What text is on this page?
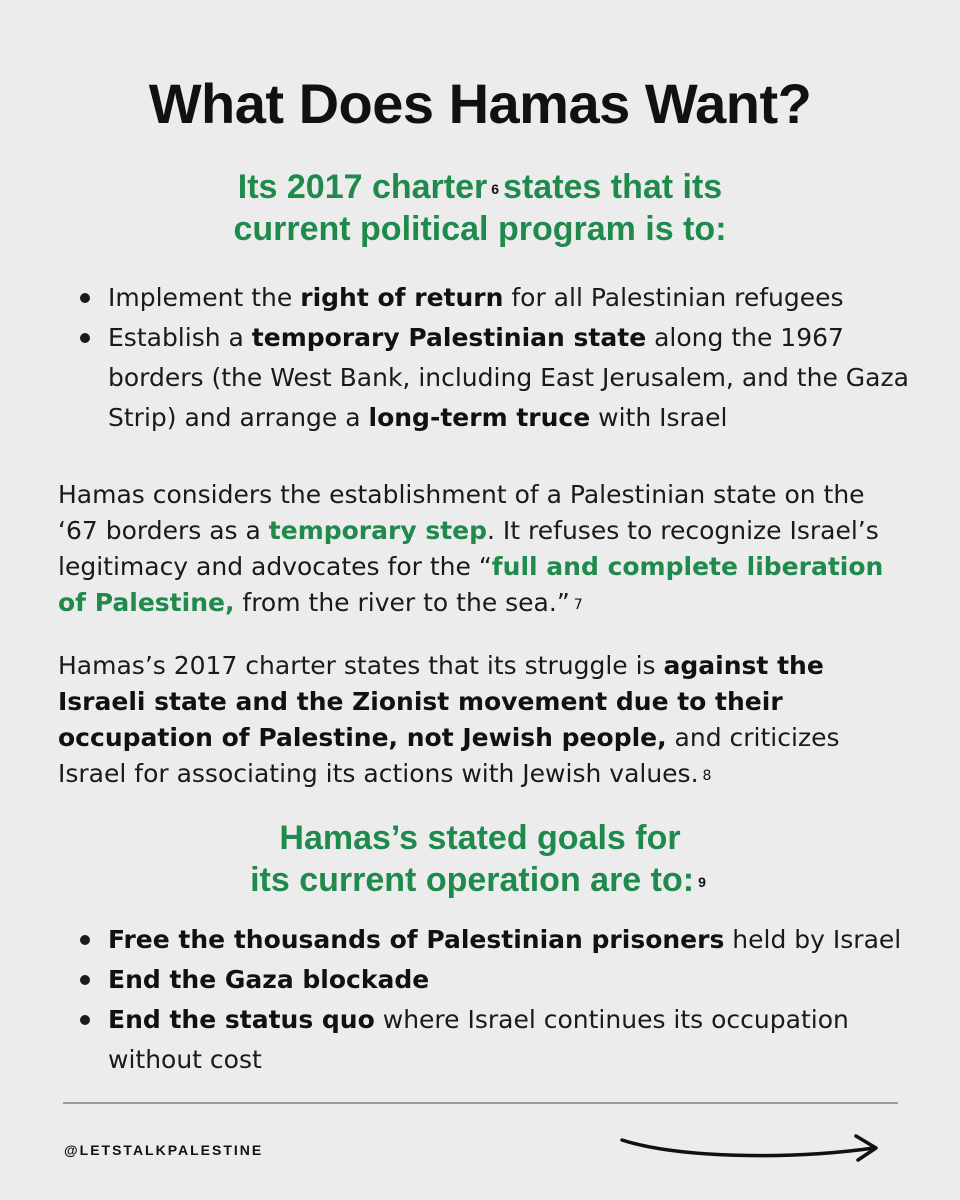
What Does Hamas Want?
Its 2017 charter $^6$ states that its
current political program is to:
Implement the right of return for all Palestinian refugees
Establish a temporary Palestinian state along the 1967 borders (the West Bank, including East Jerusalem, and the Gaza Strip) and arrange a long-term truce with Israel

Hamas considers the establishment of a Palestinian state on the ‘67 borders as a temporary step. It refuses to recognize Israel’s legitimacy and advocates for the “full and complete liberation of Palestine, from the river to the sea.” $^7$

Hamas’s 2017 charter states that its struggle is against the Israeli state and the Zionist movement due to their occupation of Palestine, not Jewish people, and criticizes Israel for associating its actions with Jewish values. $^8$

Hamas’s stated goals for
its current operation are to: $^9$
Free the thousands of Palestinian prisoners held by Israel
End the Gaza blockade
End the status quo where Israel continues its occupation without cost
@LETSTALKPALESTINE
